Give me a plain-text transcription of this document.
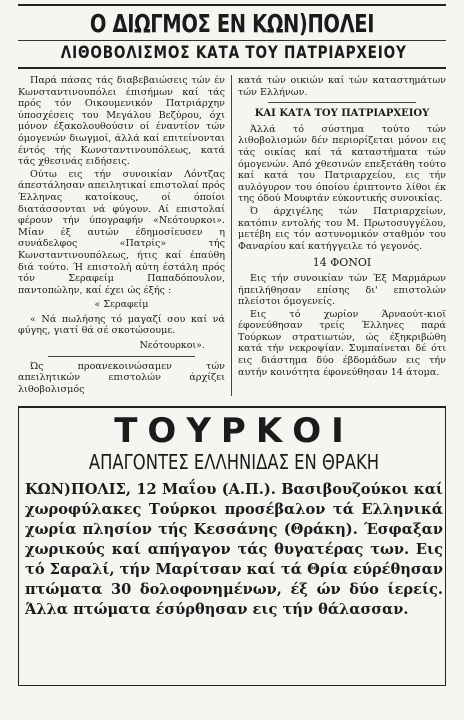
Ο ΔΙΩΓΜΟΣ ΕΝ ΚΩΝ)ΠΟΛΕΙ
ΛΙΘΟΒΟΛΙΣΜΟΣ ΚΑΤΑ ΤΟΥ ΠΑΤΡΙΑΡΧΕΙΟΥ

Παρά πάσας τάς διαβεβαιώσεις τών έν Κωνσταντινουπόλει έπισήμων καί τάς πρός τόν Οικουμενικόν Πατριάρχην ύποσχέσεις του Μεγάλου Βεζύρου, όχι μόνον έξακολουθούσιν οί έναντίον τών όμογενών διωγμοί, άλλά καί επιτείνονται έντός τής Κωνσταντινουπόλεως, κατά τάς χθεσινάς ειδήσεις.

Ούτω εις τήν συνοικίαν Λόντζας άπεστάλησαν απειλητικαί επιστολαί πρός Έλληνας κατοίκους, οί όποίοι διατάσσονται νά φύγουν. Αί επιστολαί φέρουν τήν ύπογραφήν «Νεότουρκοι». Μίαν έξ αυτών έδημοσίευσεν η συνάδελφος «Πατρίς» τής Κωνσταντινουπόλεως, ήτις καί έπαύθη διά τούτο. Ή επιστολή αύτη έστάλη πρός τόν Σεραφείμ Παπαδόπουλον, παντοπώλην, καί έχει ώς έξής :

« Σεραφείμ

« Νά πωλήσης τό μαγαζί σου καί νά φύγης, γιατί θά σέ σκοτώσουμε.

Νεότουρκοι».

Ώς προανεκοινώσαμεν τών απειλητικών επιστολών άρχίζει λιθοβολισμός

κατά τών οικιών καί τών καταστημάτων τών Ελλήνων.

ΚΑΙ ΚΑΤΑ ΤΟΥ ΠΑΤΡΙΑΡΧΕΙΟΥ

Άλλά τό σύστημα τούτο τών λιθοβολισμών δέν περιορίζεται μόνον εις τάς οικίας καί τά καταστήματα τών όμογενών. Από χθεσινών επεξετάθη τούτο καί κατά του Πατριαρχείου, εις τήν αυλόγυρον του όποίου έριπτοντο λίθοι έκ της όδού Μουφτάν εύκοντικής συνοικίας.

Ό άρχιγέλης τών Πατριαρχείων, κατόπιν εντολής του Μ. Πρωτοσυγγέλου, μετέβη εις τόν αστυνομικόν σταθμόν του Φαναρίου καί κατήγγειλε τό γεγονός.

14 ΦΟΝΟΙ

Εις τήν συνοικίαν τών Έξ Μαρμάρων ήπειλήθησαν επίσης δι' επιστολών πλείστοι όμογενείς.

Εις τό χωρίον Άρναούτ-κιοϊ έφονεύθησαν τρείς Έλληνες παρά Τούρκων στρατιωτών, ώς έξηκριβώθη κατά τήν νεκροψίαν. Συμπαίνεται δέ ότι εις διάστημα δύο έβδομάδων εις τήν αυτήν κοινότητα έφονεύθησαν 14 άτομα.

ΤΟΥΡΚΟΙ
ΑΠΑΓΟΝΤΕΣ ΕΛΛΗΝΙΔΑΣ ΕΝ ΘΡΑΚΗ

ΚΩΝ)ΠΟΛΙΣ, 12 Μαΐου (Α.Π.). Βασιβουζούκοι καί χωροφύλακες Τούρκοι προσέβαλον τά Ελληνικά χωρία πλησίον τής Κεσσάνης (Θράκη). Έσφαξαν χωρικούς καί απήγαγον τάς θυγατέρας των. Εις τό Σαραλί, τήν Μαρίτσαν καί τά Θρία εύρέθησαν πτώματα 30 δολοφονημένων, έξ ών δύο ίερείς. Άλλα πτώματα έσύρθησαν εις τήν θάλασσαν.
